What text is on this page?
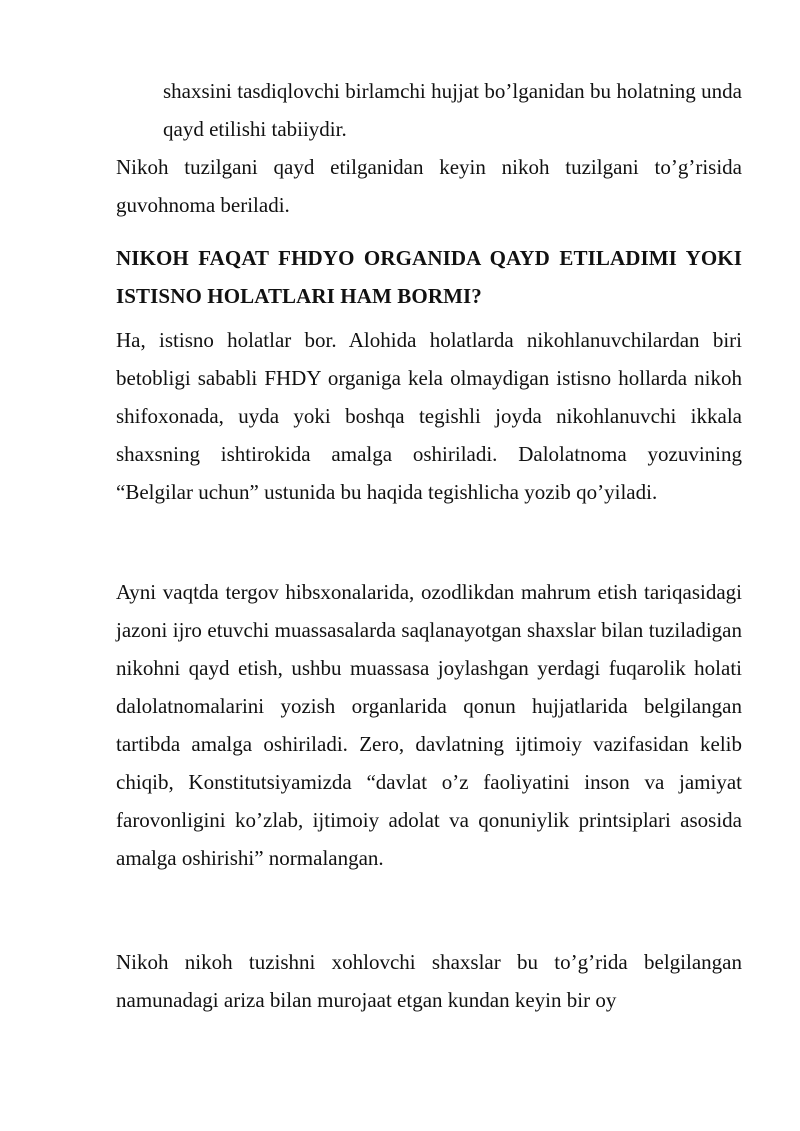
shaxsini tasdiqlovchi birlamchi hujjat bo’lganidan bu holatning unda qayd etilishi tabiiydir.
Nikoh tuzilgani qayd etilganidan keyin nikoh tuzilgani to’g’risida guvohnoma beriladi.
NIKOH FAQAT FHDYO ORGANIDA QAYD ETILADIMI YOKI ISTISNO HOLATLARI HAM BORMI?
Ha, istisno holatlar bor. Alohida holatlarda nikohlanuvchilardan biri betobligi sababli FHDY organiga kela olmaydigan istisno hollarda nikoh shifoxonada, uyda yoki boshqa tegishli joyda nikohlanuvchi ikkala shaxsning ishtirokida amalga oshiriladi. Dalolatnoma yozuvining “Belgilar uchun” ustunida bu haqida tegishlicha yozib qo’yiladi.
Ayni vaqtda tergov hibsxonalarida, ozodlikdan mahrum etish tariqasidagi jazoni ijro etuvchi muassasalarda saqlanayotgan shaxslar bilan tuziladigan nikohni qayd etish, ushbu muassasa joylashgan yerdagi fuqarolik holati dalolatnomalarini yozish organlarida qonun hujjatlarida belgilangan tartibda amalga oshiriladi. Zero, davlatning ijtimoiy vazifasidan kelib chiqib, Konstitutsiyamizda “davlat o’z faoliyatini inson va jamiyat farovonligini ko’zlab, ijtimoiy adolat va qonuniylik printsiplari asosida amalga oshirishi” normalangan.
Nikoh nikoh tuzishni xohlovchi shaxslar bu to’g’rida belgilangan namunadagi ariza bilan murojaat etgan kundan keyin bir oy
